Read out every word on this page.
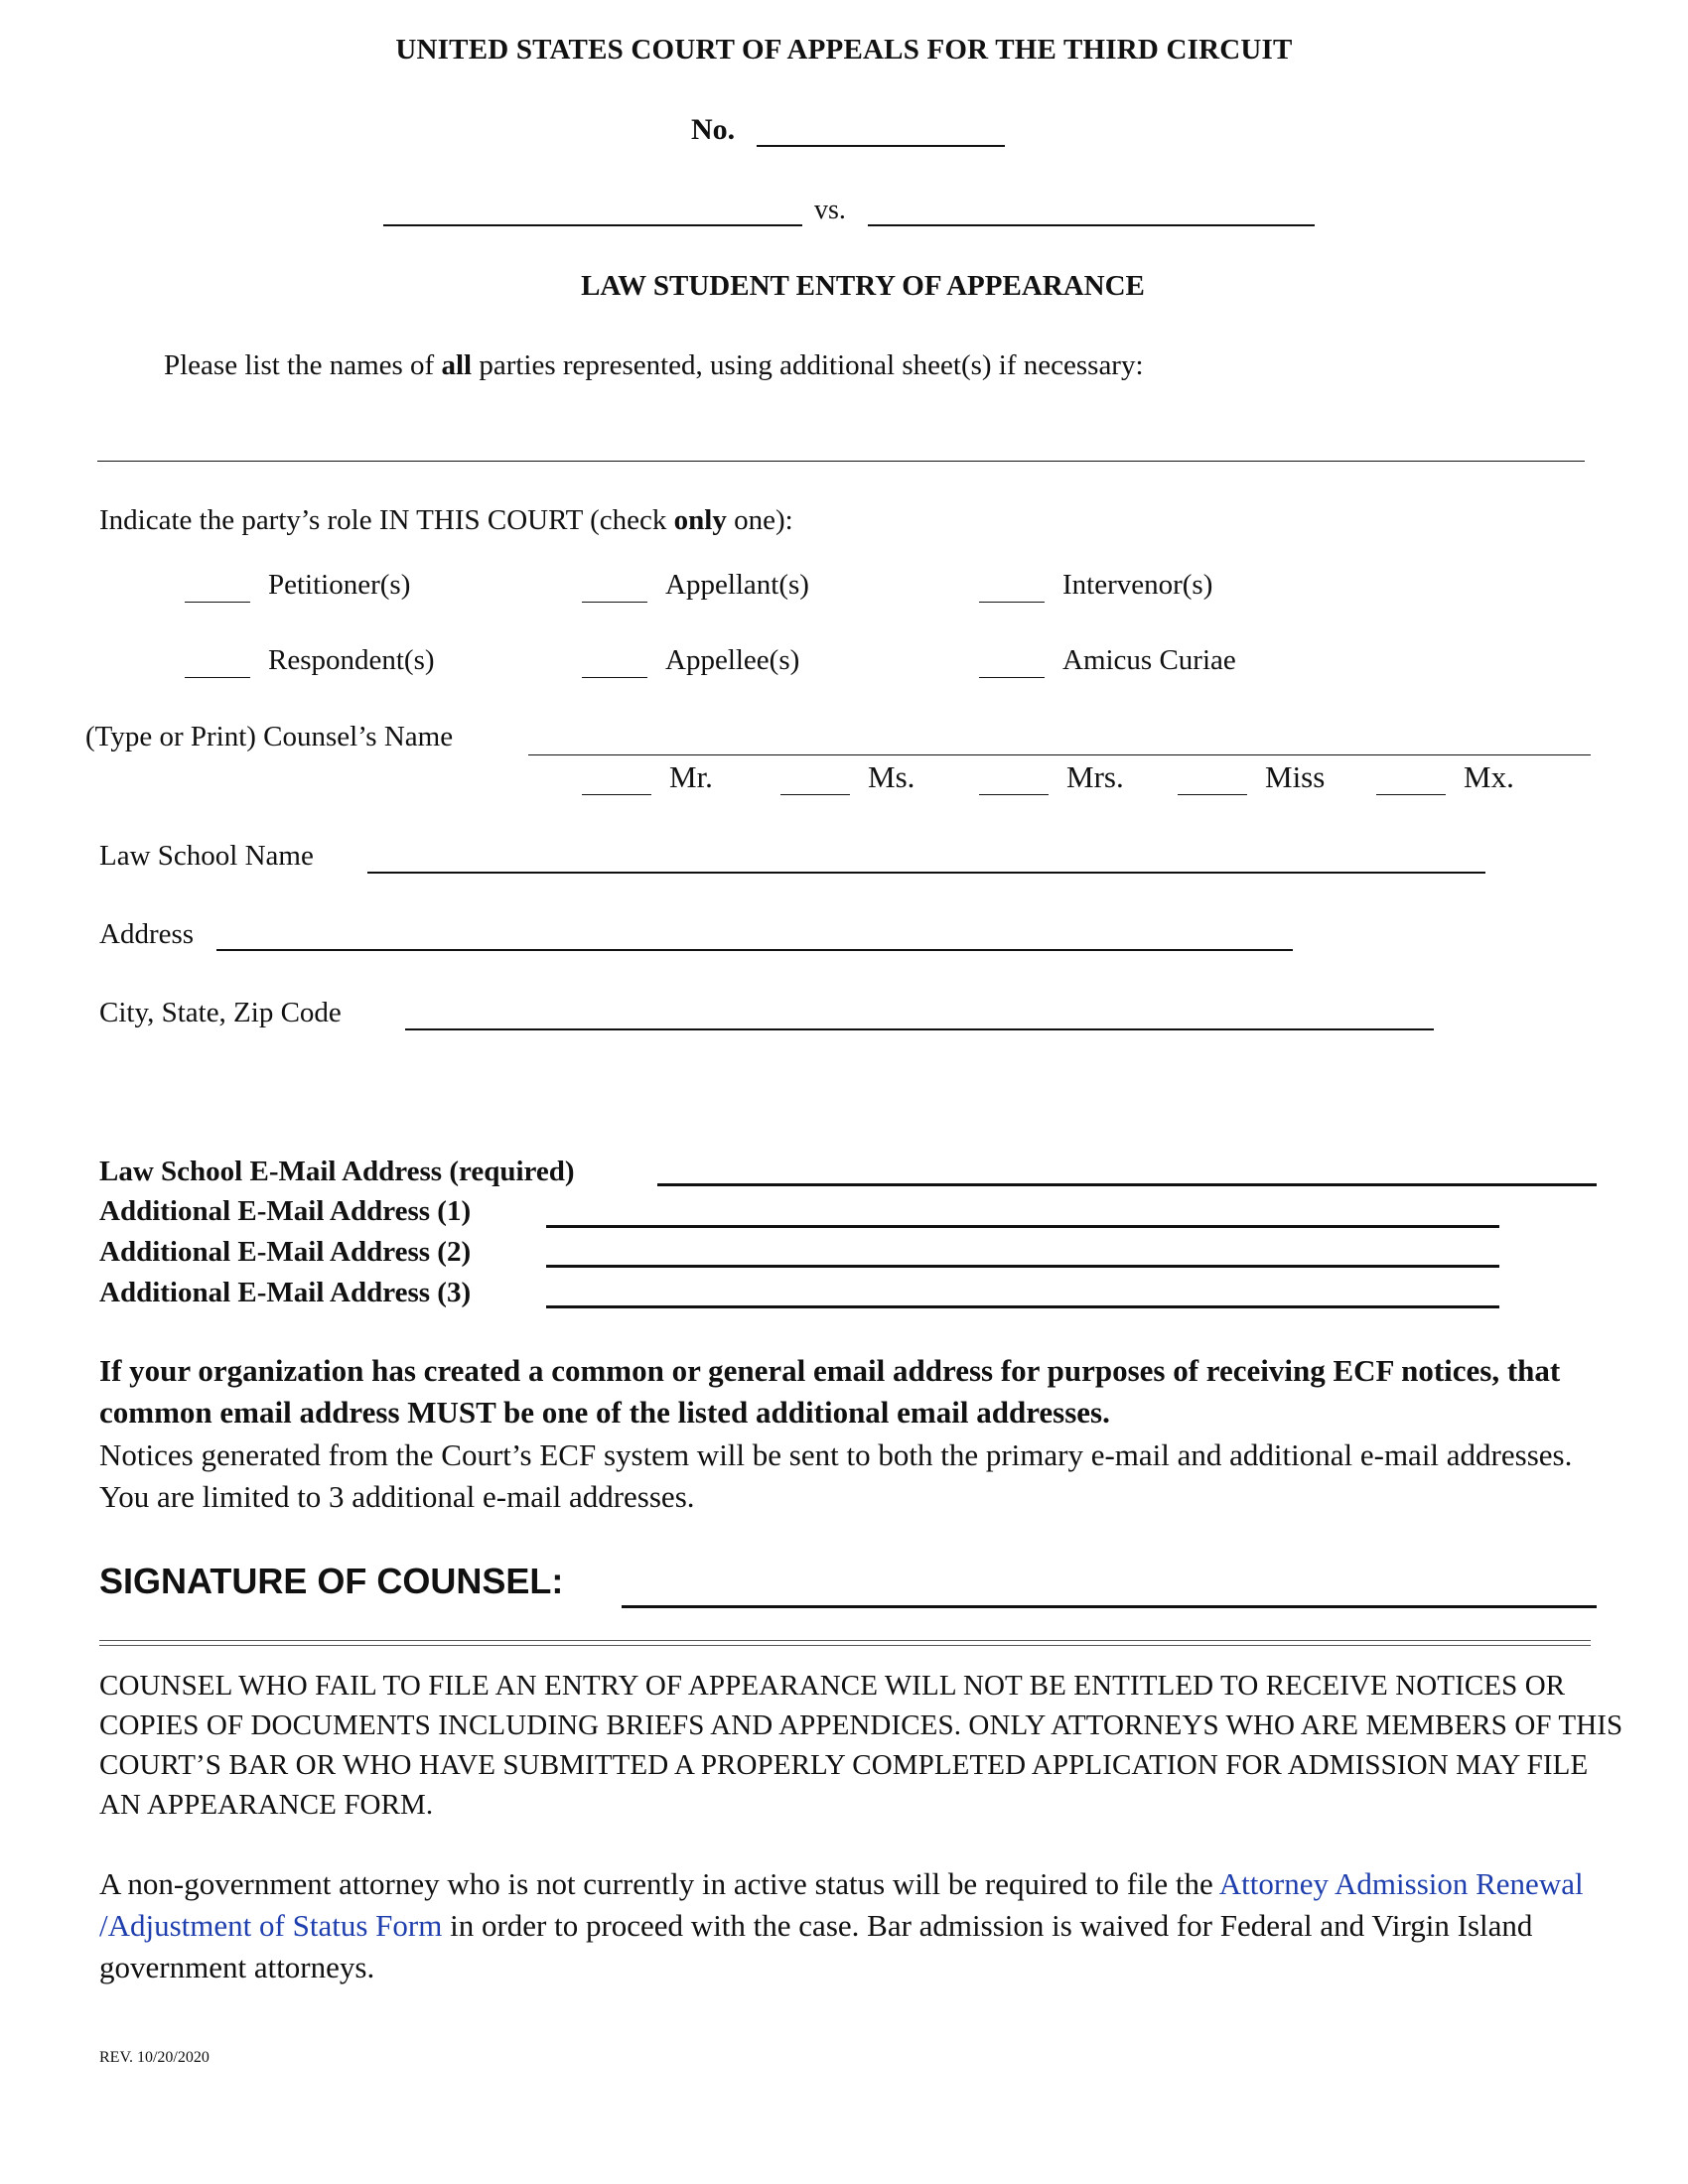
UNITED STATES COURT OF APPEALS FOR THE THIRD CIRCUIT
No.
vs.
LAW STUDENT ENTRY OF APPEARANCE
Please list the names of all parties represented, using additional sheet(s) if necessary:
Indicate the party’s role IN THIS COURT (check only one):
Petitioner(s)	Appellant(s)	Intervenor(s)
Respondent(s)	Appellee(s)	Amicus Curiae
(Type or Print) Counsel’s Name
Mr.	Ms.	Mrs.	Miss	Mx.
Law School Name
Address
City, State, Zip Code
Law School E-Mail Address (required)
Additional E-Mail Address (1)
Additional E-Mail Address (2)
Additional E-Mail Address (3)
If your organization has created a common or general email address for purposes of receiving ECF notices, that common email address MUST be one of the listed additional email addresses.
Notices generated from the Court’s ECF system will be sent to both the primary e-mail and additional e-mail addresses. You are limited to 3 additional e-mail addresses.
SIGNATURE OF COUNSEL:
COUNSEL WHO FAIL TO FILE AN ENTRY OF APPEARANCE WILL NOT BE ENTITLED TO RECEIVE NOTICES OR COPIES OF DOCUMENTS INCLUDING BRIEFS AND APPENDICES. ONLY ATTORNEYS WHO ARE MEMBERS OF THIS COURT’S BAR OR WHO HAVE SUBMITTED A PROPERLY COMPLETED APPLICATION FOR ADMISSION MAY FILE AN APPEARANCE FORM.
A non-government attorney who is not currently in active status will be required to file the Attorney Admission Renewal /Adjustment of Status Form in order to proceed with the case. Bar admission is waived for Federal and Virgin Island government attorneys.
REV. 10/20/2020
